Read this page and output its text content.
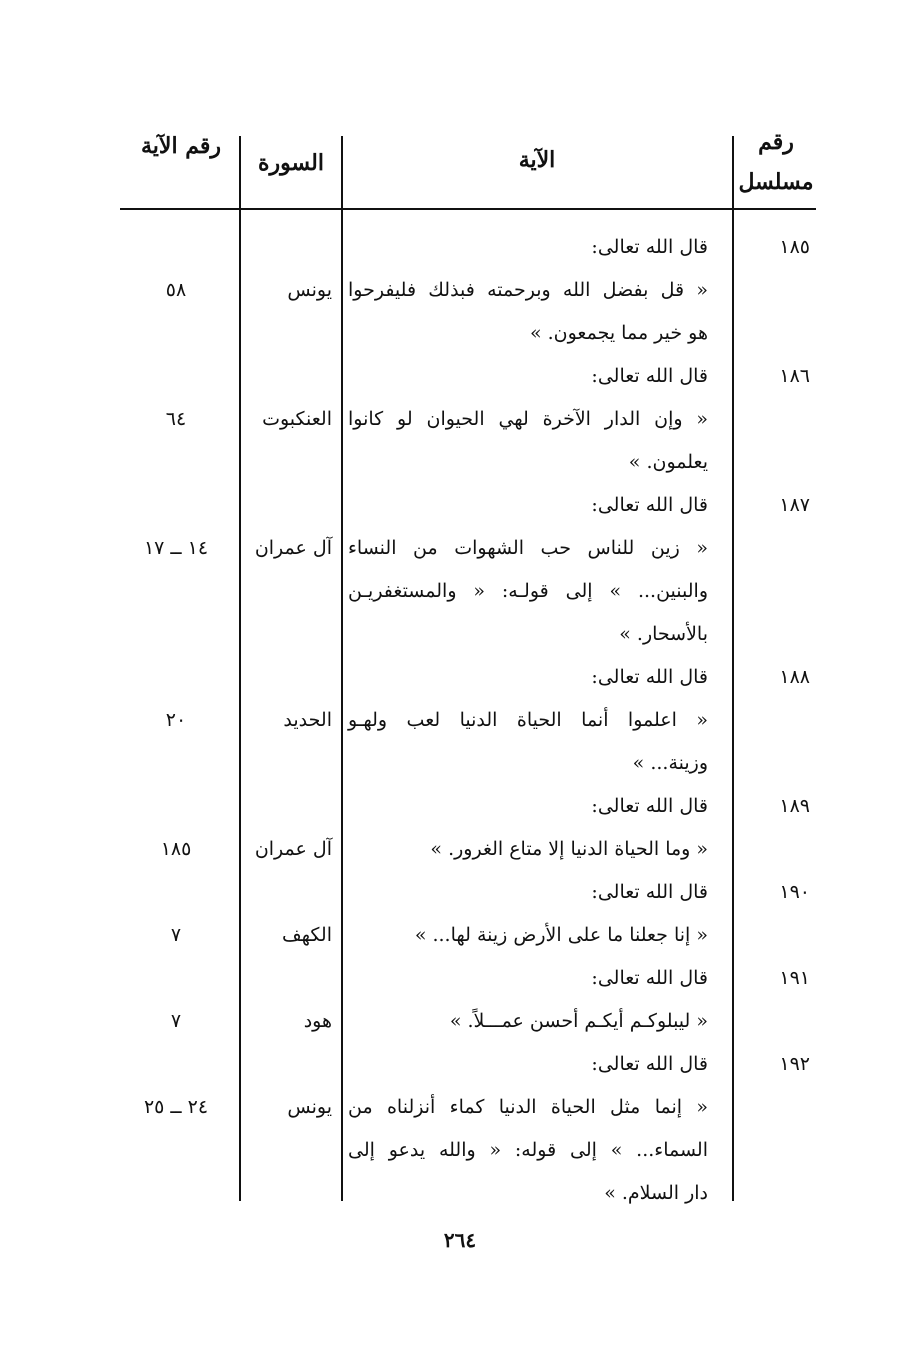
رقم مسلسل
الآية
السورة
رقم الآية
١٨٥
قال الله تعالى:
« قل بفضل الله وبرحمته فبذلك فليفرحوا
هو خير مما يجمعون. »
يونس
٥٨
١٨٦
قال الله تعالى:
« وإن الدار الآخرة لهي الحيوان لو كانوا
يعلمون. »
العنكبوت
٦٤
١٨٧
قال الله تعالى:
« زين للناس حب الشهوات من النساء
والبنين... » إلى قولـه: « والمستغفريـن
بالأسحار. »
آل عمران
١٤ ــ ١٧
١٨٨
قال الله تعالى:
« اعلموا أنما الحياة الدنيا لعب ولهـو
وزينة... »
الحديد
٢٠
١٨٩
قال الله تعالى:
« وما الحياة الدنيا إلا متاع الغرور. »
آل عمران
١٨٥
١٩٠
قال الله تعالى:
« إنا جعلنا ما على الأرض زينة لها... »
الكهف
٧
١٩١
قال الله تعالى:
« ليبلوكـم أيكـم أحسن عمـــلاً. »
هود
٧
١٩٢
قال الله تعالى:
« إنما مثل الحياة الدنيا كماء أنزلناه من
السماء... » إلى قوله: « والله يدعو إلى
دار السلام. »
يونس
٢٤ ــ ٢٥
٢٦٤
